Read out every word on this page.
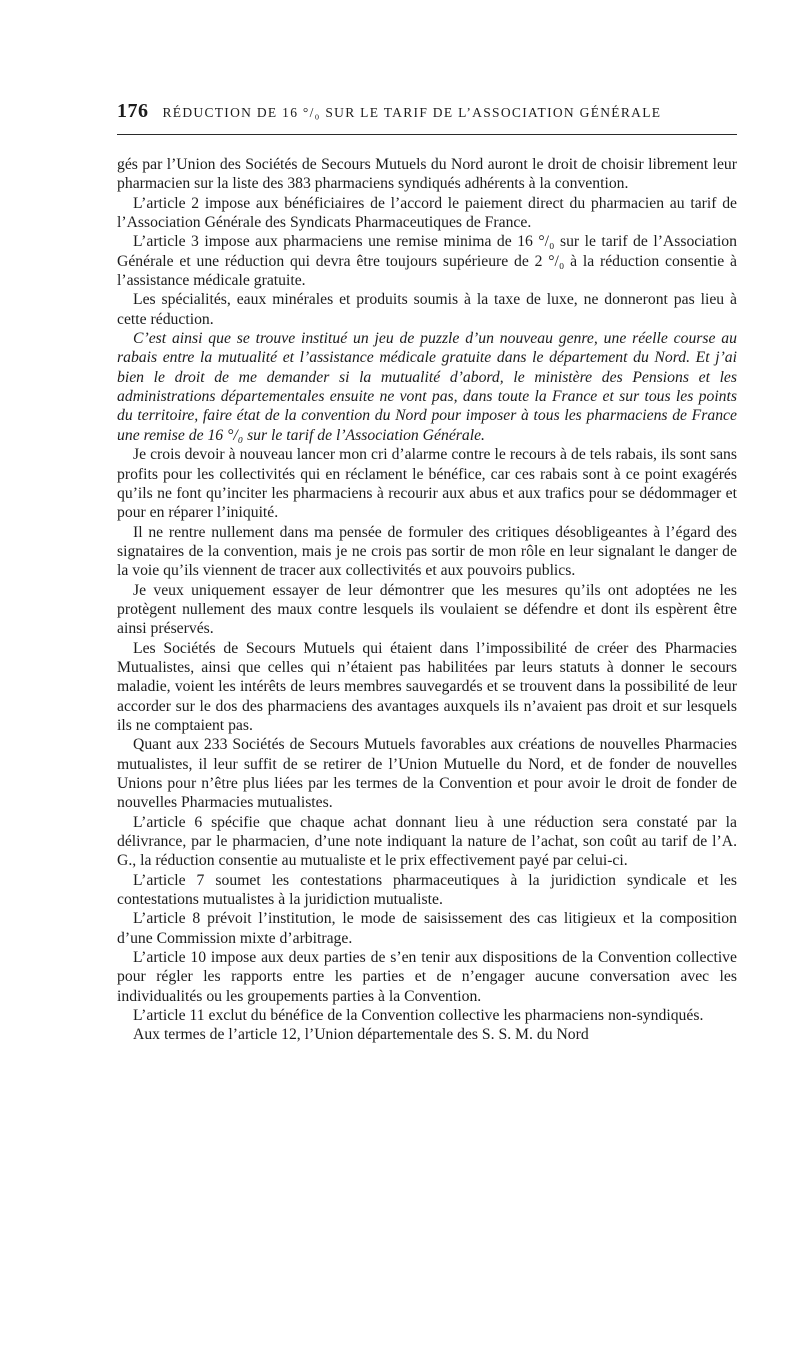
176 RÉDUCTION DE 16 °/₀ SUR LE TARIF DE L’ASSOCIATION GÉNÉRALE

gés par l’Union des Sociétés de Secours Mutuels du Nord auront le droit de choisir librement leur pharmacien sur la liste des 383 pharmaciens syndiqués adhérents à la convention.

L’article 2 impose aux bénéficiaires de l’accord le paiement direct du pharmacien au tarif de l’Association Générale des Syndicats Pharmaceutiques de France.

L’article 3 impose aux pharmaciens une remise minima de 16 °/₀ sur le tarif de l’Association Générale et une réduction qui devra être toujours supérieure de 2 °/₀ à la réduction consentie à l’assistance médicale gratuite.

Les spécialités, eaux minérales et produits soumis à la taxe de luxe, ne donneront pas lieu à cette réduction.

C’est ainsi que se trouve institué un jeu de puzzle d’un nouveau genre, une réelle course au rabais entre la mutualité et l’assistance médicale gratuite dans le département du Nord. Et j’ai bien le droit de me demander si la mutualité d’abord, le ministère des Pensions et les administrations départementales ensuite ne vont pas, dans toute la France et sur tous les points du territoire, faire état de la convention du Nord pour imposer à tous les pharmaciens de France une remise de 16 °/₀ sur le tarif de l’Association Générale.

Je crois devoir à nouveau lancer mon cri d’alarme contre le recours à de tels rabais, ils sont sans profits pour les collectivités qui en réclament le bénéfice, car ces rabais sont à ce point exagérés qu’ils ne font qu’inciter les pharmaciens à recourir aux abus et aux trafics pour se dédommager et pour en réparer l’iniquité.

Il ne rentre nullement dans ma pensée de formuler des critiques désobligeantes à l’égard des signataires de la convention, mais je ne crois pas sortir de mon rôle en leur signalant le danger de la voie qu’ils viennent de tracer aux collectivités et aux pouvoirs publics.

Je veux uniquement essayer de leur démontrer que les mesures qu’ils ont adoptées ne les protègent nullement des maux contre lesquels ils voulaient se défendre et dont ils espèrent être ainsi préservés.

Les Sociétés de Secours Mutuels qui étaient dans l’impossibilité de créer des Pharmacies Mutualistes, ainsi que celles qui n’étaient pas habilitées par leurs statuts à donner le secours maladie, voient les intérêts de leurs membres sauvegardés et se trouvent dans la possibilité de leur accorder sur le dos des pharmaciens des avantages auxquels ils n’avaient pas droit et sur lesquels ils ne comptaient pas.

Quant aux 233 Sociétés de Secours Mutuels favorables aux créations de nouvelles Pharmacies mutualistes, il leur suffit de se retirer de l’Union Mutuelle du Nord, et de fonder de nouvelles Unions pour n’être plus liées par les termes de la Convention et pour avoir le droit de fonder de nouvelles Pharmacies mutualistes.

L’article 6 spécifie que chaque achat donnant lieu à une réduction sera constaté par la délivrance, par le pharmacien, d’une note indiquant la nature de l’achat, son coût au tarif de l’A. G., la réduction consentie au mutualiste et le prix effectivement payé par celui-ci.

L’article 7 soumet les contestations pharmaceutiques à la juridiction syndicale et les contestations mutualistes à la juridiction mutualiste.

L’article 8 prévoit l’institution, le mode de saisissement des cas litigieux et la composition d’une Commission mixte d’arbitrage.

L’article 10 impose aux deux parties de s’en tenir aux dispositions de la Convention collective pour régler les rapports entre les parties et de n’engager aucune conversation avec les individualités ou les groupements parties à la Convention.

L’article 11 exclut du bénéfice de la Convention collective les pharmaciens non-syndiqués.

Aux termes de l’article 12, l’Union départementale des S. S. M. du Nord
